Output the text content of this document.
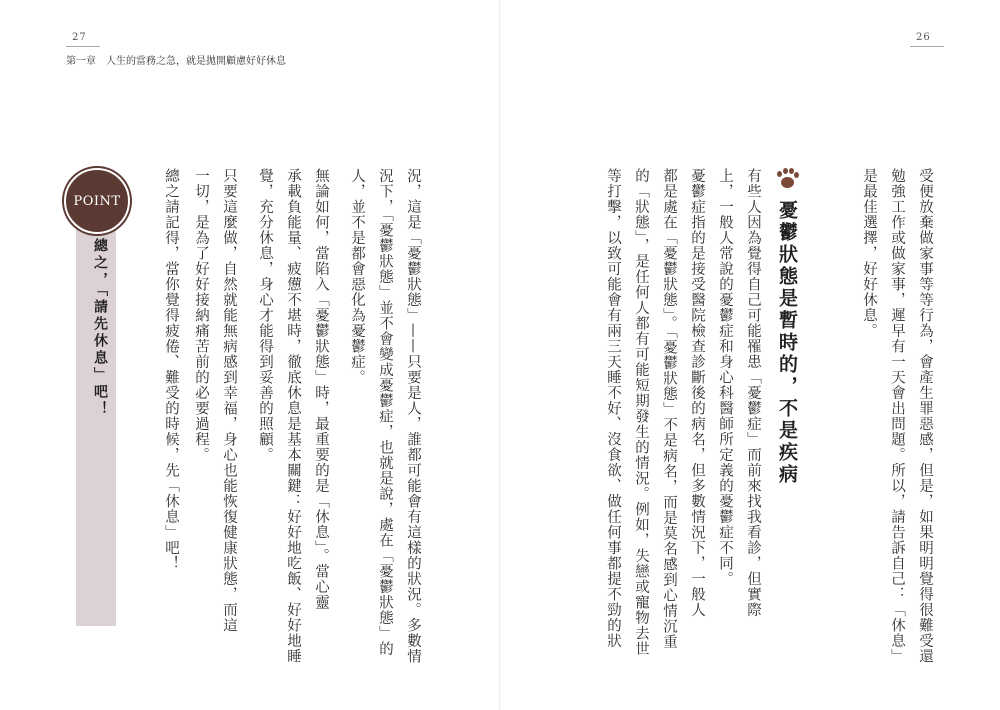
27
第一章　人生的當務之急，就是拋開顧慮好好休息
26
受便放棄做家事等等行為，會產生罪惡感，但是，如果明明覺得很難受還
勉強工作或做家事，遲早有一天會出問題。所以，請告訴自己：「休息」
是最佳選擇，好好休息。
憂鬱狀態是暫時的，不是疾病
有些人因為覺得自己可能罹患「憂鬱症」而前來找我看診，但實際
上，一般人常說的憂鬱症和身心科醫師所定義的憂鬱症不同。
憂鬱症指的是接受醫院檢查診斷後的病名，但多數情況下，一般人
都是處在「憂鬱狀態」。「憂鬱狀態」不是病名，而是莫名感到心情沉重
的「狀態」，是任何人都有可能短期發生的情況。例如，失戀或寵物去世
等打擊，以致可能會有兩三天睡不好、沒食欲、做任何事都提不勁的狀
況，這是「憂鬱狀態」——只要是人，誰都可能會有這樣的狀況。多數情
況下，「憂鬱狀態」並不會變成憂鬱症，也就是說，處在「憂鬱狀態」的
人，並不是都會惡化為憂鬱症。
無論如何，當陷入「憂鬱狀態」時，最重要的是「休息」。當心靈
承載負能量、疲憊不堪時，徹底休息是基本關鍵：好好地吃飯、好好地睡
覺，充分休息，身心才能得到妥善的照顧。
只要這麼做，自然就能無病感到幸福，身心也能恢復健康狀態，而這
一切，是為了好好接納痛苦前的必要過程。
總之請記得，當你覺得疲倦、難受的時候，先「休息」吧！
POINT
總之，「請先休息」吧！
